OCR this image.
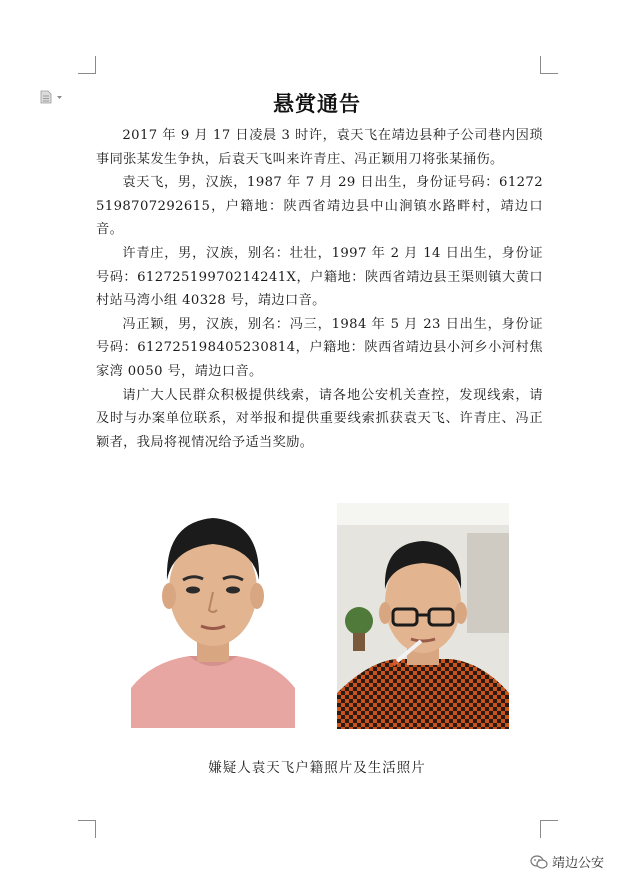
悬赏通告

2017 年 9 月 17 日凌晨 3 时许，袁天飞在靖边县种子公司巷内因琐事同张某发生争执，后袁天飞叫来许青庄、冯正颖用刀将张某捅伤。

袁天飞，男，汉族，1987 年 7 月 29 日出生，身份证号码：612725198707292615，户籍地：陕西省靖边县中山涧镇水路畔村，靖边口音。

许青庄，男，汉族，别名：壮壮，1997 年 2 月 14 日出生，身份证号码：61272519970214241X，户籍地：陕西省靖边县王渠则镇大黄口村站马湾小组 40328 号，靖边口音。

冯正颖，男，汉族，别名：冯三，1984 年 5 月 23 日出生，身份证号码：612725198405230814，户籍地：陕西省靖边县小河乡小河村焦家湾 0050 号，靖边口音。

请广大人民群众积极提供线索，请各地公安机关查控，发现线索，请及时与办案单位联系，对举报和提供重要线索抓获袁天飞、许青庄、冯正颖者，我局将视情况给予适当奖励。

嫌疑人袁天飞户籍照片及生活照片
靖边公安
